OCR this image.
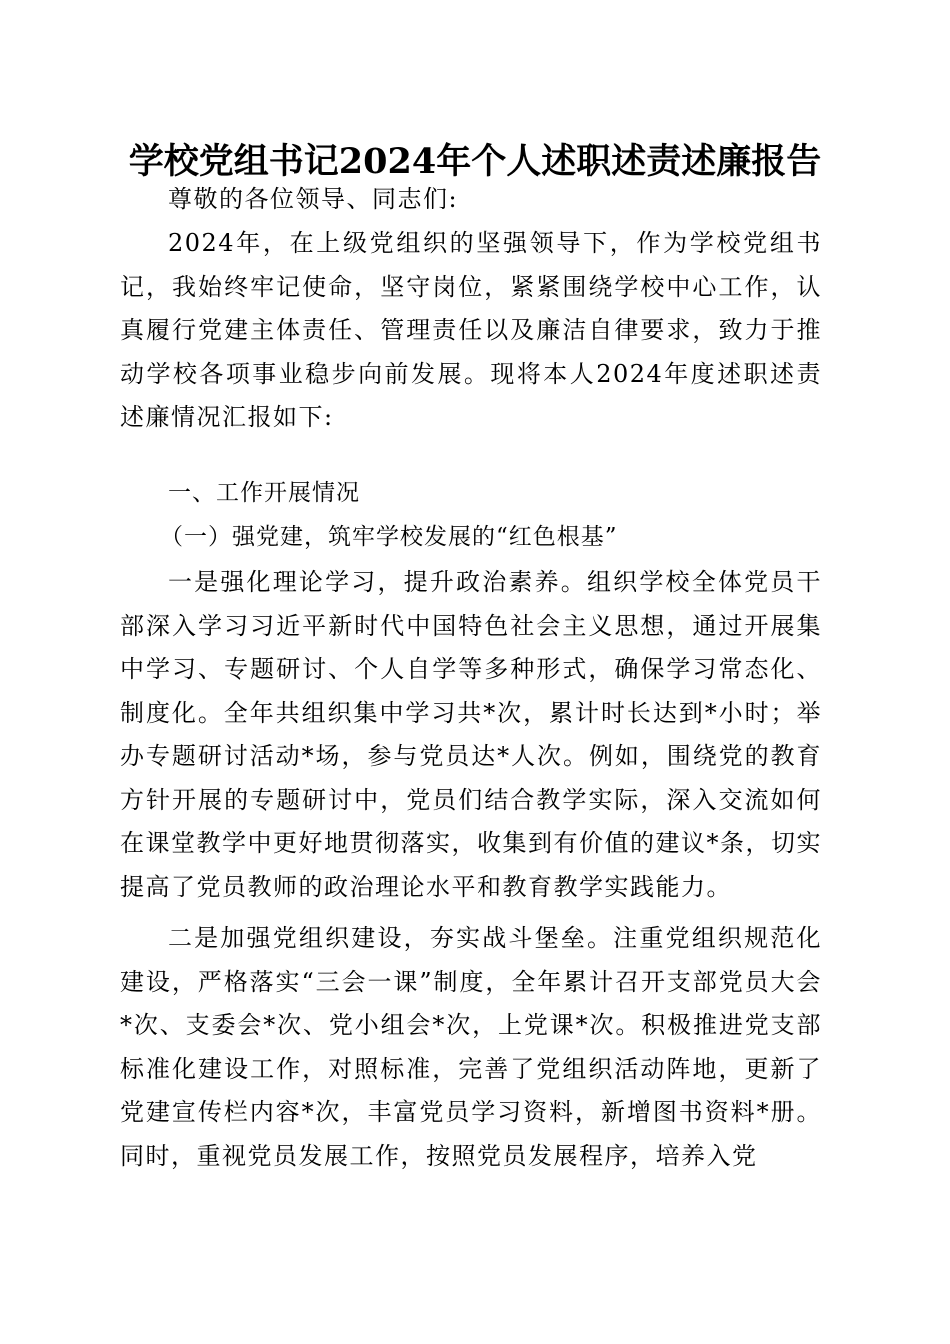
学校党组书记2024年个人述职述责述廉报告
尊敬的各位领导、同志们:
2024年，在上级党组织的坚强领导下，作为学校党组书记，我始终牢记使命，坚守岗位，紧紧围绕学校中心工作，认真履行党建主体责任、管理责任以及廉洁自律要求，致力于推动学校各项事业稳步向前发展。现将本人2024年度述职述责述廉情况汇报如下:
一、工作开展情况
（一）强党建，筑牢学校发展的“红色根基”
一是强化理论学习，提升政治素养。组织学校全体党员干部深入学习习近平新时代中国特色社会主义思想，通过开展集中学习、专题研讨、个人自学等多种形式，确保学习常态化、制度化。全年共组织集中学习共*次，累计时长达到*小时；举办专题研讨活动*场，参与党员达*人次。例如，围绕党的教育方针开展的专题研讨中，党员们结合教学实际，深入交流如何在课堂教学中更好地贯彻落实，收集到有价值的建议*条，切实提高了党员教师的政治理论水平和教育教学实践能力。
二是加强党组织建设，夯实战斗堡垒。注重党组织规范化建设，严格落实“三会一课”制度，全年累计召开支部党员大会*次、支委会*次、党小组会*次，上党课*次。积极推进党支部标准化建设工作，对照标准，完善了党组织活动阵地，更新了党建宣传栏内容*次，丰富党员学习资料，新增图书资料*册。同时，重视党员发展工作，按照党员发展程序，培养入党
